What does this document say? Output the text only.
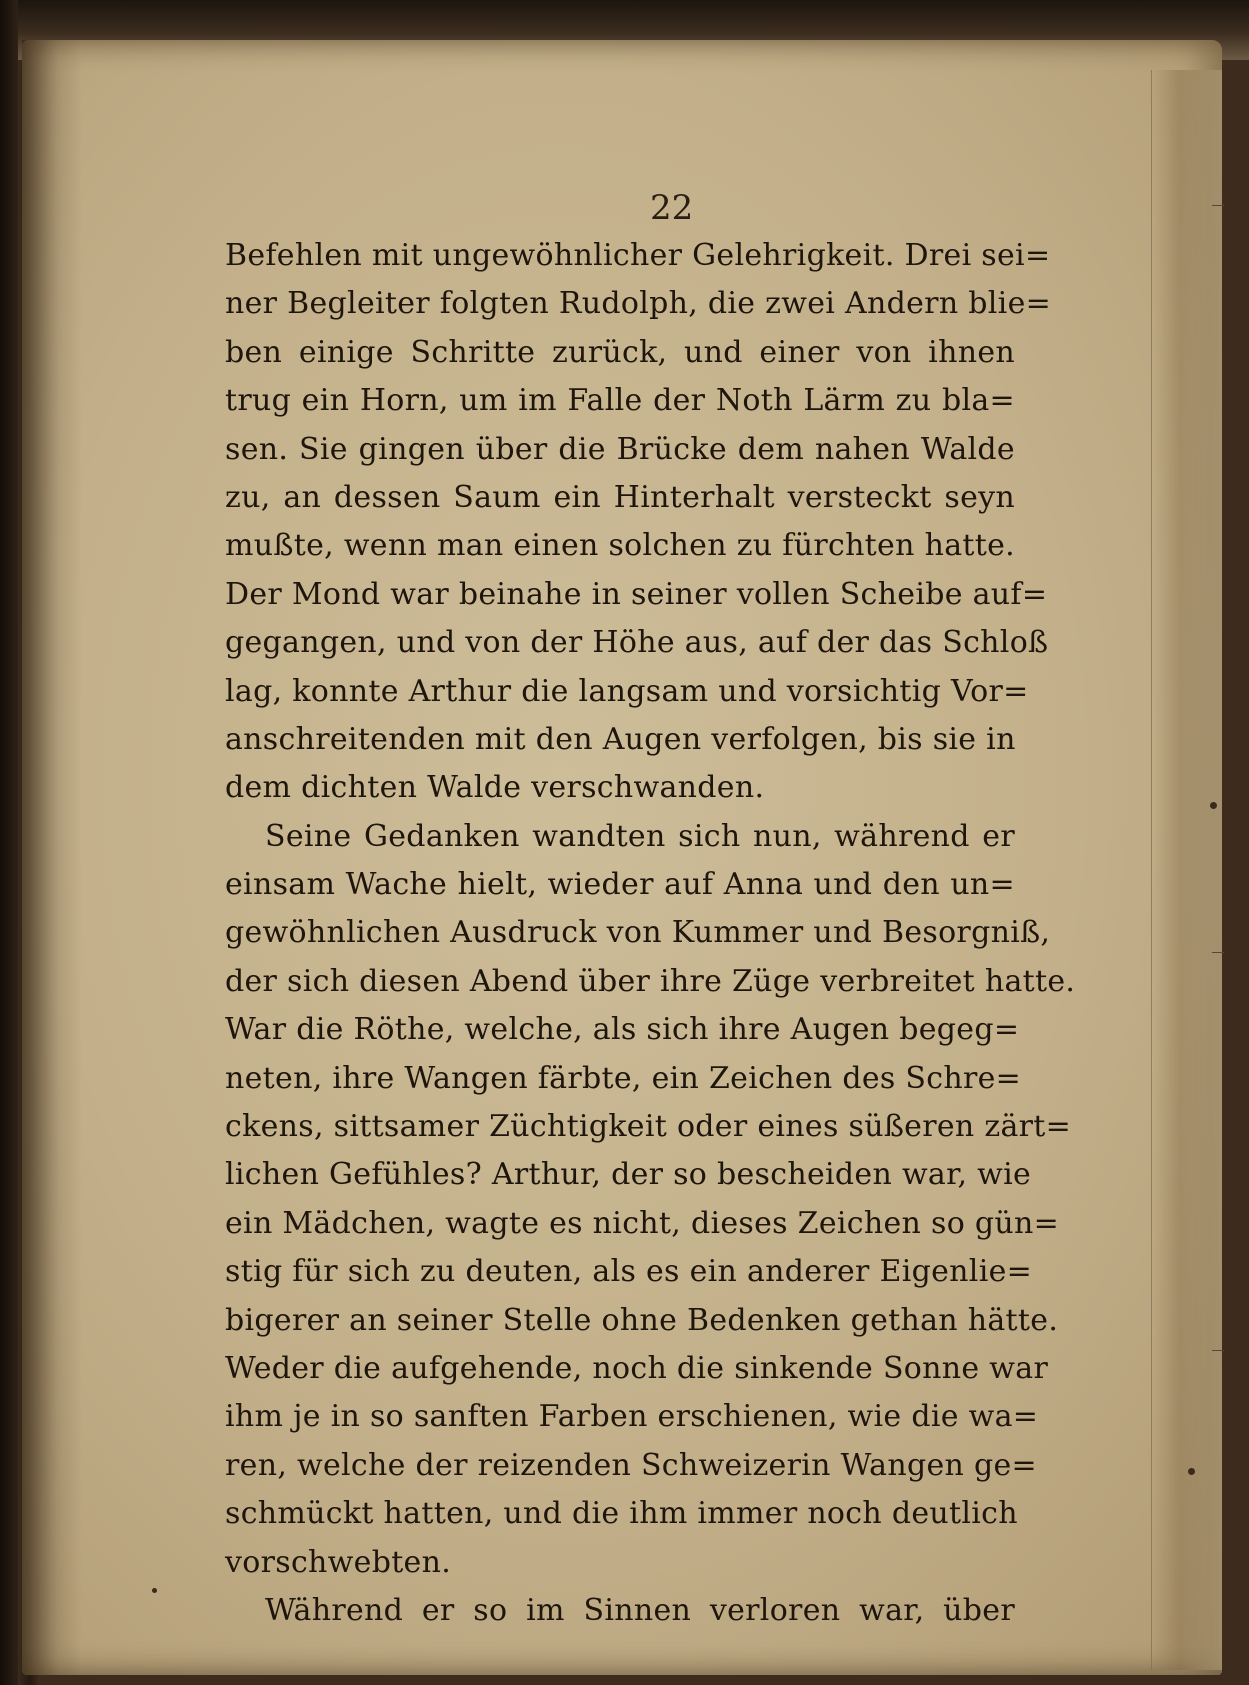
22
Befehlen mit ungewöhnlicher Gelehrigkeit. Drei sei=
ner Begleiter folgten Rudolph, die zwei Andern blie=
ben einige Schritte zurück, und einer von ihnen
trug ein Horn, um im Falle der Noth Lärm zu bla=
sen. Sie gingen über die Brücke dem nahen Walde
zu, an dessen Saum ein Hinterhalt versteckt seyn
mußte, wenn man einen solchen zu fürchten hatte.
Der Mond war beinahe in seiner vollen Scheibe auf=
gegangen, und von der Höhe aus, auf der das Schloß
lag, konnte Arthur die langsam und vorsichtig Vor=
anschreitenden mit den Augen verfolgen, bis sie in
dem dichten Walde verschwanden.
Seine Gedanken wandten sich nun, während er
einsam Wache hielt, wieder auf Anna und den un=
gewöhnlichen Ausdruck von Kummer und Besorgniß,
der sich diesen Abend über ihre Züge verbreitet hatte.
War die Röthe, welche, als sich ihre Augen begeg=
neten, ihre Wangen färbte, ein Zeichen des Schre=
ckens, sittsamer Züchtigkeit oder eines süßeren zärt=
lichen Gefühles? Arthur, der so bescheiden war, wie
ein Mädchen, wagte es nicht, dieses Zeichen so gün=
stig für sich zu deuten, als es ein anderer Eigenlie=
bigerer an seiner Stelle ohne Bedenken gethan hätte.
Weder die aufgehende, noch die sinkende Sonne war
ihm je in so sanften Farben erschienen, wie die wa=
ren, welche der reizenden Schweizerin Wangen ge=
schmückt hatten, und die ihm immer noch deutlich
vorschwebten.
Während er so im Sinnen verloren war, über
